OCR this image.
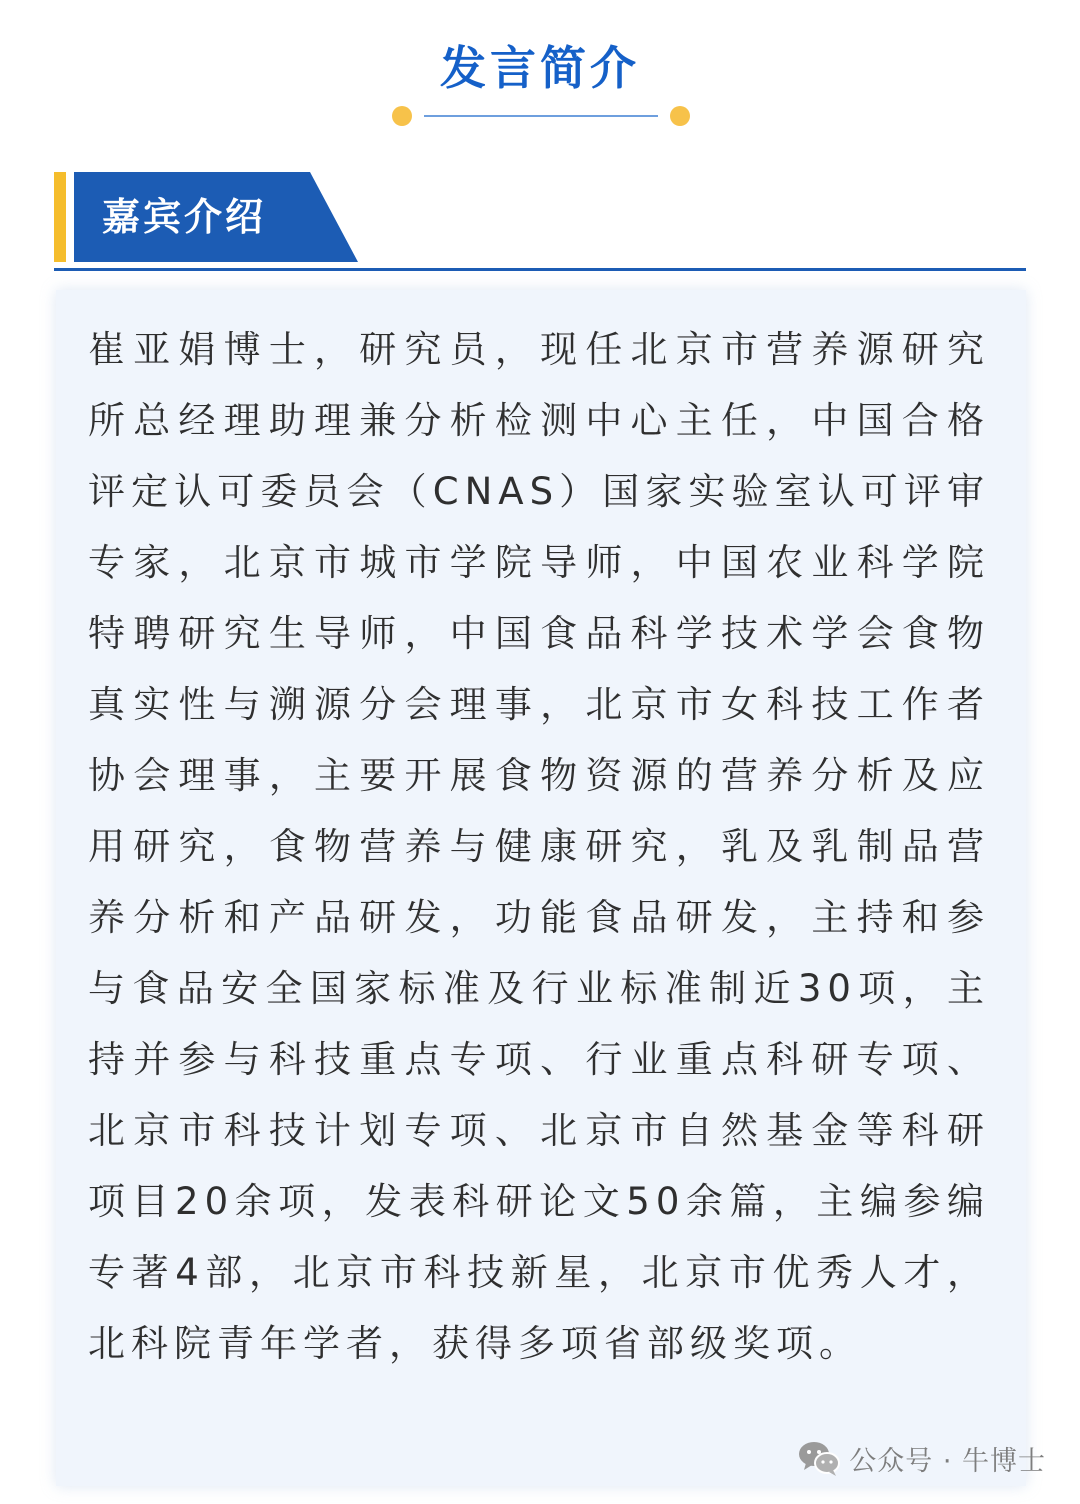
发言简介
嘉宾介绍

崔亚娟博士，研究员，现任北京市营养源研究所总经理助理兼分析检测中心主任，中国合格评定认可委员会（CNAS）国家实验室认可评审专家，北京市城市学院导师，中国农业科学院特聘研究生导师，中国食品科学技术学会食物真实性与溯源分会理事，北京市女科技工作者协会理事，主要开展食物资源的营养分析及应用研究，食物营养与健康研究，乳及乳制品营养分析和产品研发，功能食品研发，主持和参与食品安全国家标准及行业标准制近30项，主持并参与科技重点专项、行业重点科研专项、北京市科技计划专项、北京市自然基金等科研项目20余项，发表科研论文50余篇，主编参编专著4部，北京市科技新星，北京市优秀人才，北科院青年学者，获得多项省部级奖项。

公众号 · 牛博士
